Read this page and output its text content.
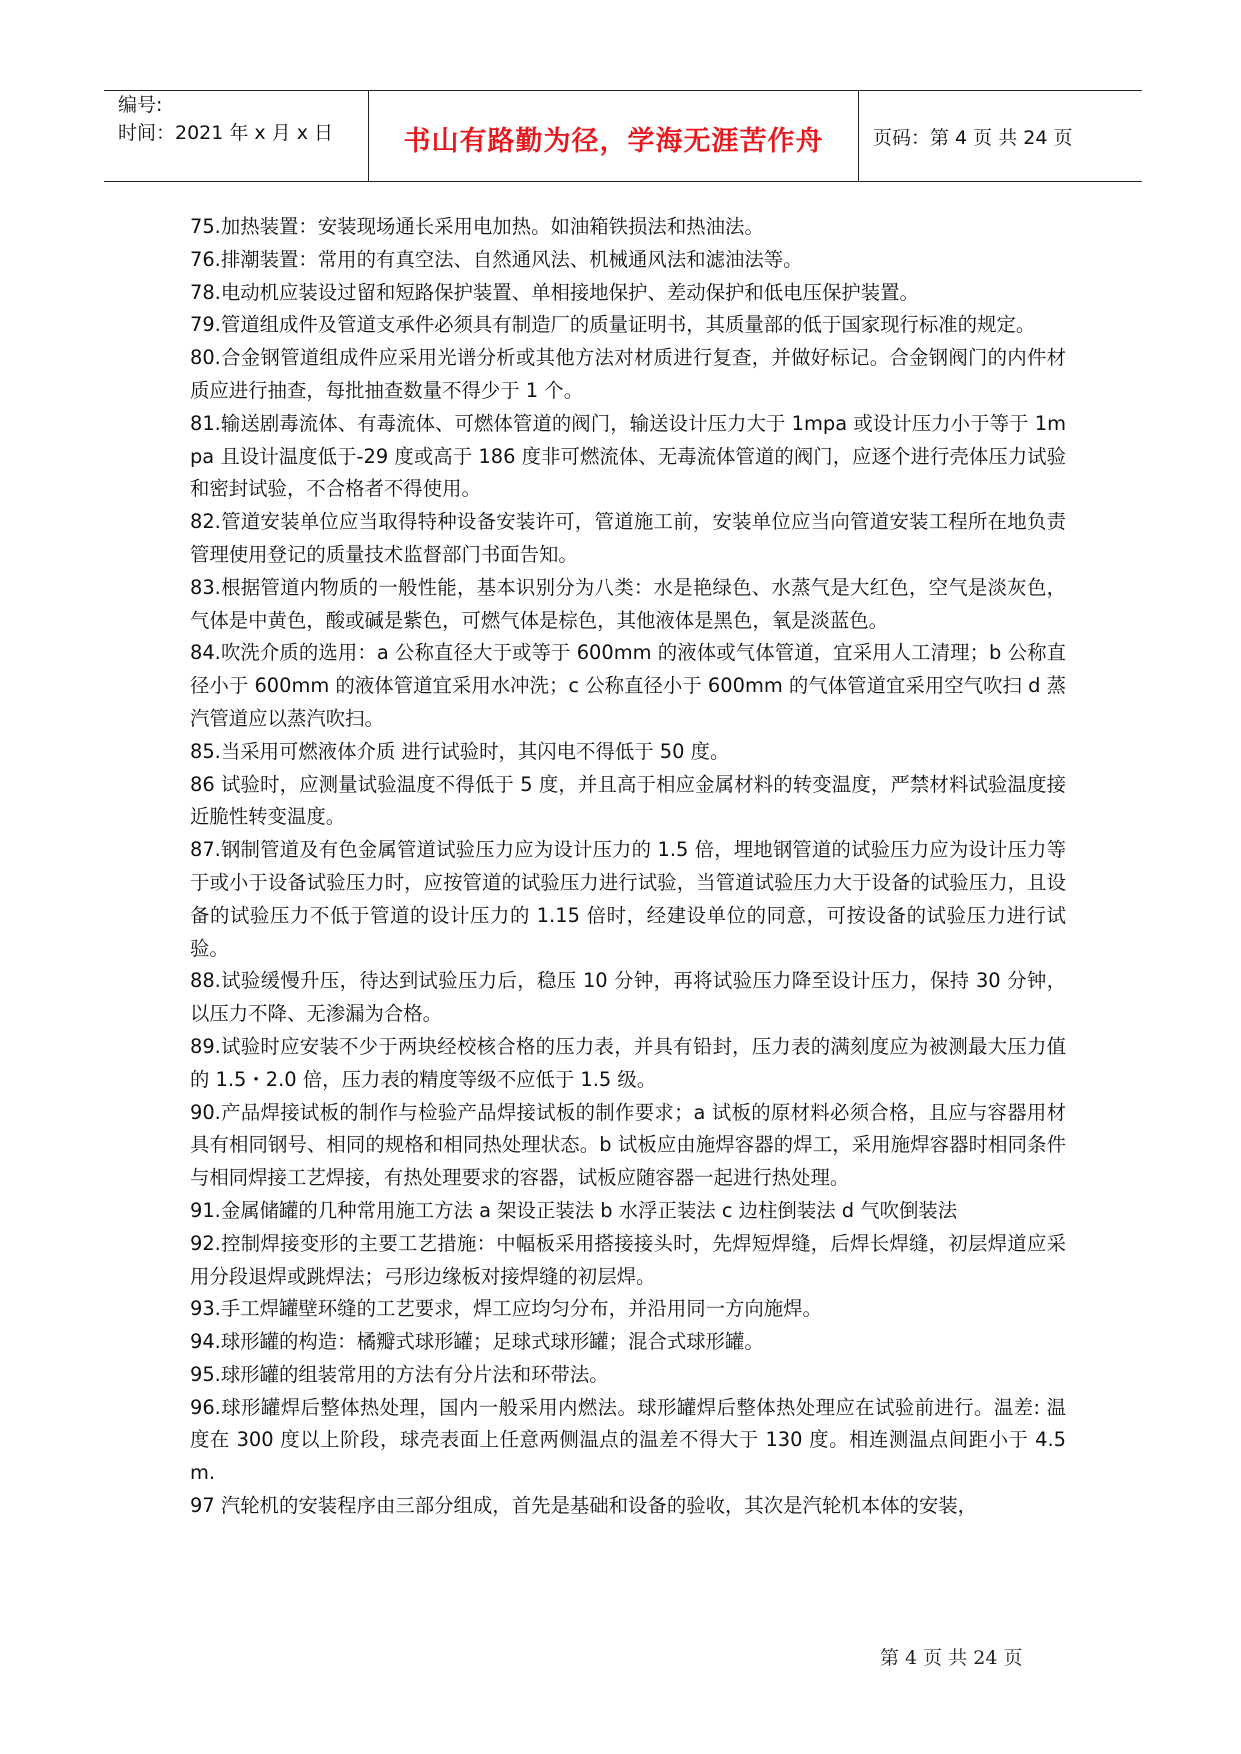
编号:
时间：2021 年 x 月 x 日	书山有路勤为径，学海无涯苦作舟	页码：第 4 页 共 24 页

75.加热装置：安装现场通长采用电加热。如油箱铁损法和热油法。

76.排潮装置：常用的有真空法、自然通风法、机械通风法和滤油法等。

78.电动机应装设过留和短路保护装置、单相接地保护、差动保护和低电压保护装置。

79.管道组成件及管道支承件必须具有制造厂的质量证明书，其质量部的低于国家现行标准的规定。

80.合金钢管道组成件应采用光谱分析或其他方法对材质进行复查，并做好标记。合金钢阀门的内件材质应进行抽查，每批抽查数量不得少于 1 个。

81.输送剧毒流体、有毒流体、可燃体管道的阀门，输送设计压力大于 1mpa 或设计压力小于等于 1mpa 且设计温度低于-29 度或高于 186 度非可燃流体、无毒流体管道的阀门，应逐个进行壳体压力试验和密封试验，不合格者不得使用。

82.管道安装单位应当取得特种设备安装许可，管道施工前，安装单位应当向管道安装工程所在地负责管理使用登记的质量技术监督部门书面告知。

83.根据管道内物质的一般性能，基本识别分为八类：水是艳绿色、水蒸气是大红色，空气是淡灰色，气体是中黄色，酸或碱是紫色，可燃气体是棕色，其他液体是黑色，氧是淡蓝色。

84.吹洗介质的选用：a 公称直径大于或等于 600mm 的液体或气体管道，宜采用人工清理；b 公称直径小于 600mm 的液体管道宜采用水冲洗；c 公称直径小于 600mm 的气体管道宜采用空气吹扫 d 蒸汽管道应以蒸汽吹扫。

85.当采用可燃液体介质 进行试验时，其闪电不得低于 50 度。

86 试验时，应测量试验温度不得低于 5 度，并且高于相应金属材料的转变温度，严禁材料试验温度接近脆性转变温度。

87.钢制管道及有色金属管道试验压力应为设计压力的 1.5 倍，埋地钢管道的试验压力应为设计压力等于或小于设备试验压力时，应按管道的试验压力进行试验，当管道试验压力大于设备的试验压力，且设备的试验压力不低于管道的设计压力的 1.15 倍时，经建设单位的同意，可按设备的试验压力进行试验。

88.试验缓慢升压，待达到试验压力后，稳压 10 分钟，再将试验压力降至设计压力，保持 30 分钟，以压力不降、无渗漏为合格。

89.试验时应安装不少于两块经校核合格的压力表，并具有铅封，压力表的满刻度应为被测最大压力值的 1.5・2.0 倍，压力表的精度等级不应低于 1.5 级。

90.产品焊接试板的制作与检验产品焊接试板的制作要求；a 试板的原材料必须合格，且应与容器用材具有相同钢号、相同的规格和相同热处理状态。b 试板应由施焊容器的焊工，采用施焊容器时相同条件与相同焊接工艺焊接，有热处理要求的容器，试板应随容器一起进行热处理。

91.金属储罐的几种常用施工方法 a 架设正装法 b 水浮正装法 c 边柱倒装法 d 气吹倒装法

92.控制焊接变形的主要工艺措施：中幅板采用搭接接头时，先焊短焊缝，后焊长焊缝，初层焊道应采用分段退焊或跳焊法；弓形边缘板对接焊缝的初层焊。

93.手工焊罐壁环缝的工艺要求，焊工应均匀分布，并沿用同一方向施焊。

94.球形罐的构造：橘瓣式球形罐；足球式球形罐；混合式球形罐。

95.球形罐的组装常用的方法有分片法和环带法。

96.球形罐焊后整体热处理，国内一般采用内燃法。球形罐焊后整体热处理应在试验前进行。温差: 温度在 300 度以上阶段，球壳表面上任意两侧温点的温差不得大于 130 度。相连测温点间距小于 4.5m.

97 汽轮机的安装程序由三部分组成，首先是基础和设备的验收，其次是汽轮机本体的安装，

第 4 页 共 24 页
